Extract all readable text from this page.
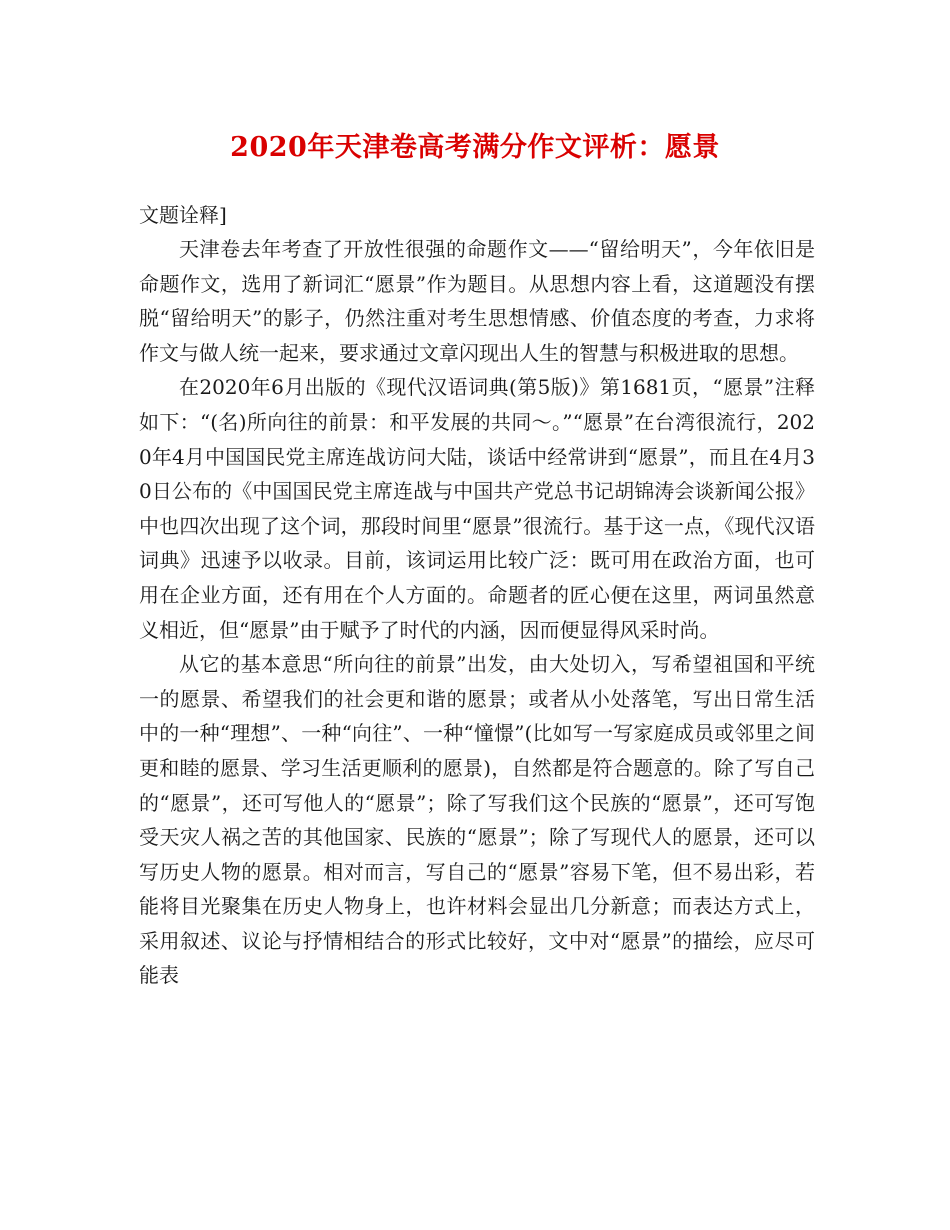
2020年天津卷高考满分作文评析：愿景

文题诠释]

天津卷去年考查了开放性很强的命题作文——“留给明天”，今年依旧是命题作文，选用了新词汇“愿景”作为题目。从思想内容上看，这道题没有摆脱“留给明天”的影子，仍然注重对考生思想情感、价值态度的考查，力求将作文与做人统一起来，要求通过文章闪现出人生的智慧与积极进取的思想。

在2020年6月出版的《现代汉语词典(第5版)》第1681页，“愿景”注释如下：“(名)所向往的前景：和平发展的共同～。”“愿景”在台湾很流行，2020年4月中国国民党主席连战访问大陆，谈话中经常讲到“愿景”，而且在4月30日公布的《中国国民党主席连战与中国共产党总书记胡锦涛会谈新闻公报》中也四次出现了这个词，那段时间里“愿景”很流行。基于这一点，《现代汉语词典》迅速予以收录。目前，该词运用比较广泛：既可用在政治方面，也可用在企业方面，还有用在个人方面的。命题者的匠心便在这里，两词虽然意义相近，但“愿景”由于赋予了时代的内涵，因而便显得风采时尚。

从它的基本意思“所向往的前景”出发，由大处切入，写希望祖国和平统一的愿景、希望我们的社会更和谐的愿景；或者从小处落笔，写出日常生活中的一种“理想”、一种“向往”、一种“憧憬”(比如写一写家庭成员或邻里之间更和睦的愿景、学习生活更顺利的愿景)，自然都是符合题意的。除了写自己的“愿景”，还可写他人的“愿景”；除了写我们这个民族的“愿景”，还可写饱受天灾人祸之苦的其他国家、民族的“愿景”；除了写现代人的愿景，还可以写历史人物的愿景。相对而言，写自己的“愿景”容易下笔，但不易出彩，若能将目光聚集在历史人物身上，也许材料会显出几分新意；而表达方式上，采用叙述、议论与抒情相结合的形式比较好，文中对“愿景”的描绘，应尽可能表
